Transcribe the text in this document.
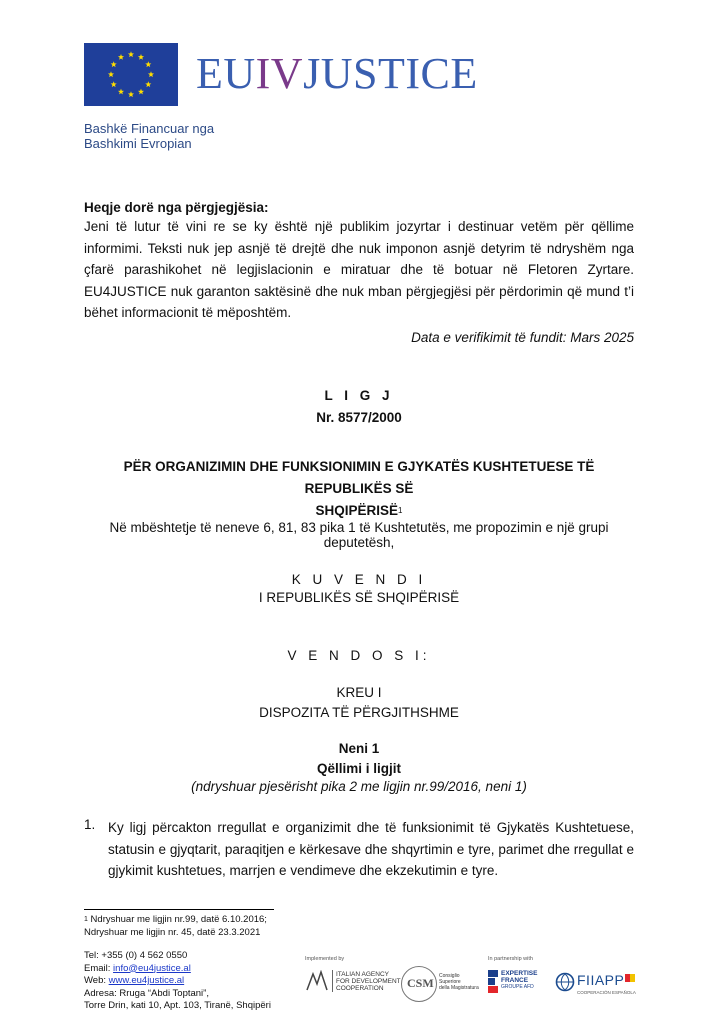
EUIVJUSTICE
Bashkë Financuar nga
Bashkimi Evropian
Heqje dorë nga përgjegjësia:
Jeni të lutur të vini re se ky është një publikim jozyrtar i destinuar vetëm për qëllime informimi. Teksti nuk jep asnjë të drejtë dhe nuk imponon asnjë detyrim të ndryshëm nga çfarë parashikohet në legjislacionin e miratuar dhe të botuar në Fletoren Zyrtare. EU4JUSTICE nuk garanton saktësinë dhe nuk mban përgjegjësi për përdorimin që mund t’i bëhet informacionit të mëposhtëm.
Data e verifikimit të fundit: Mars 2025
L I G J
Nr. 8577/2000
PËR ORGANIZIMIN DHE FUNKSIONIMIN E GJYKATËS KUSHTETUESE TË REPUBLIKËS SË
SHQIPËRISË$^1$
Në mbështetje të neneve 6, 81, 83 pika 1 të Kushtetutës, me propozimin e një grupi deputetësh,
K U V E N D I
I REPUBLIKËS SË SHQIPËRISË
V E N D O S I:
KREU I
DISPOZITA TË PËRGJITHSHME
Neni 1
Qëllimi i ligjit
(ndryshuar pjesërisht pika 2 me ligjin nr.99/2016, neni 1)
1. Ky ligj përcakton rregullat e organizimit dhe të funksionimit të Gjykatës Kushtetuese, statusin e gjyqtarit, paraqitjen e kërkesave dhe shqyrtimin e tyre, parimet dhe rregullat e gjykimit kushtetues, marrjen e vendimeve dhe ekzekutimin e tyre.
$^1$ Ndryshuar me ligjin nr.99, datë 6.10.2016;
Ndryshuar me ligjin nr. 45, datë 23.3.2021
Tel: +355 (0) 4 562 0550
Email: info@eu4justice.al
Web: www.eu4justice.al
Adresa: Rruga “Abdi Toptani”,
Torre Drin, kati 10, Apt. 103, Tiranë, Shqipëri
Implemented by
ITALIAN AGENCY
FOR DEVELOPMENT
COOPERATION	CSM Consiglio
Superiore
della Magistratura
In partnership with
EXPERTISE
FRANCE
GROUPE AFD	FIIAPP
COOPERACIÓN ESPAÑOLA
